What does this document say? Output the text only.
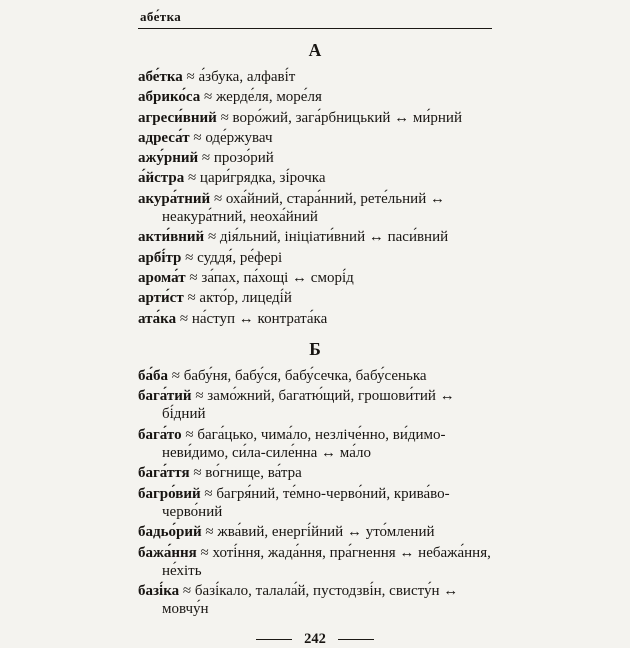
абе́тка
А

абе́тка ≈ а́збука, алфаві́т

абрико́са ≈ жерде́ля, море́ля

агреси́вний ≈ воро́жий, зага́рбницький ↔ ми́рний

адреса́т ≈ оде́ржувач

ажу́рний ≈ прозо́рий

а́йстра ≈ цари́грядка, зі́рочка

акура́тний ≈ оха́йний, стара́нний, рете́льний ↔ неакура́тний, неоха́йний

акти́вний ≈ дія́льний, ініціати́вний ↔ паси́вний

арбі́тр ≈ суддя́, ре́фері

арома́т ≈ за́пах, па́хощі ↔ сморі́д

арти́ст ≈ акто́р, лицеді́й

ата́ка ≈ на́ступ ↔ контрата́ка

Б

ба́ба ≈ бабу́ня, бабу́ся, бабу́сечка, бабу́сенька

бага́тий ≈ замо́жний, багатю́щий, грошови́тий ↔ бі́дний

бага́то ≈ бага́цько, чима́ло, незліче́нно, ви́димо-неви́димо, си́ла-силе́нна ↔ ма́ло

бага́ття ≈ во́гнище, ва́тра

багро́вий ≈ багря́ний, те́мно-черво́ний, крива́во-черво́ний

бадьо́рий ≈ жва́вий, енергі́йний ↔ уто́млений

бажа́ння ≈ хоті́ння, жада́ння, пра́гнення ↔ небажа́ння, не́хіть

базі́ка ≈ базі́кало, талала́й, пустодзві́н, свисту́н ↔ мовчу́н

242
